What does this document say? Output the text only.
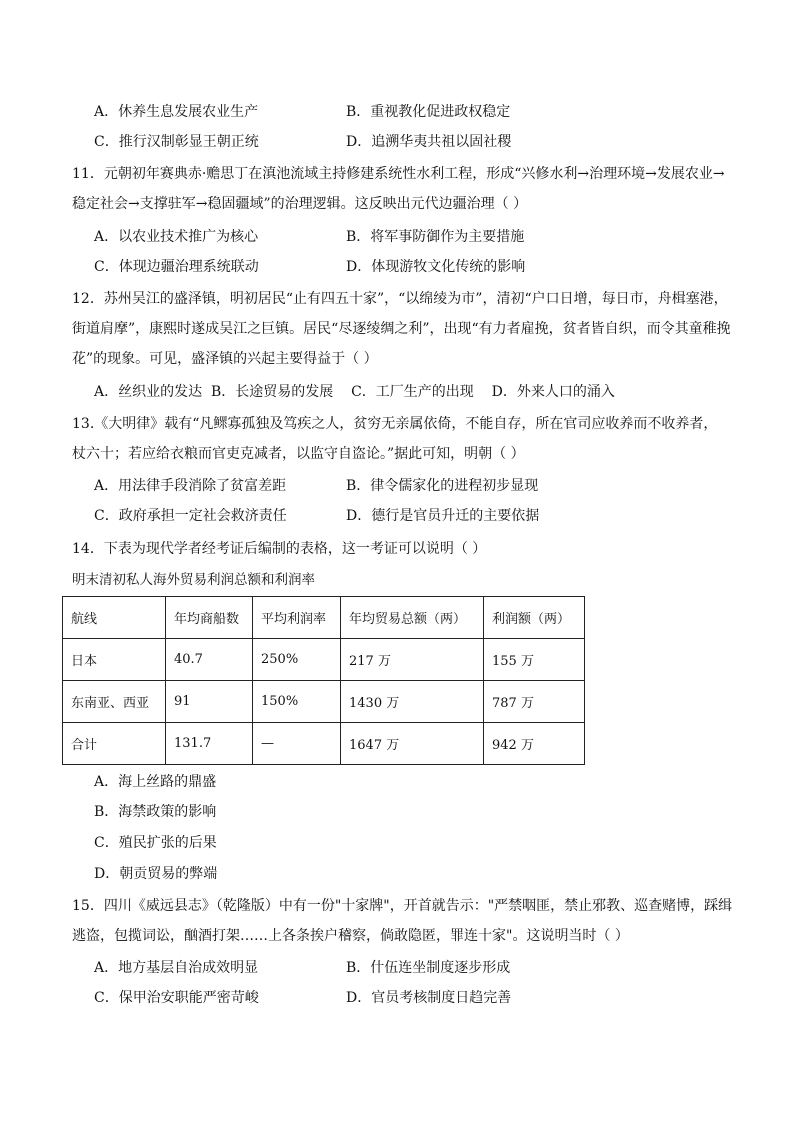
A．休养生息发展农业生产	B．重视教化促进政权稳定
C．推行汉制彰显王朝正统	D．追溯华夷共祖以固社稷
11．元朝初年赛典赤·赡思丁在滇池流域主持修建系统性水利工程，形成“兴修水利→治理环境→发展农业→
稳定社会→支撑驻军→稳固疆域”的治理逻辑。这反映出元代边疆治理（ ）
A．以农业技术推广为核心	B．将军事防御作为主要措施
C．体现边疆治理系统联动	D．体现游牧文化传统的影响
12．苏州吴江的盛泽镇，明初居民“止有四五十家”，“以绵绫为市”，清初“户口日增，每日市，舟楫塞港，
街道肩摩”，康熙时遂成吴江之巨镇。居民“尽逐绫绸之利”，出现“有力者雇挽，贫者皆自织，而令其童稚挽
花”的现象。可见，盛泽镇的兴起主要得益于（ ）
A．丝织业的发达  B．长途贸易的发展    C．工厂生产的出现    D．外来人口的涌入
13.《大明律》载有“凡鳏寡孤独及笃疾之人，贫穷无亲属依倚，不能自存，所在官司应收养而不收养者，
杖六十；若应给衣粮而官吏克减者，以监守自盗论。”据此可知，明朝（ ）
A．用法律手段消除了贫富差距	B．律令儒家化的进程初步显现
C．政府承担一定社会救济责任	D．德行是官员升迁的主要依据
14．下表为现代学者经考证后编制的表格，这一考证可以说明（ ）
明末清初私人海外贸易利润总额和利润率
航线	年均商船数	平均利润率	年均贸易总额（两）	利润额（两）
日本	40.7	250%	217 万	155 万
东南亚、西亚	91	150%	1430 万	787 万
合计	131.7	—	1647 万	942 万
A．海上丝路的鼎盛
B．海禁政策的影响
C．殖民扩张的后果
D．朝贡贸易的弊端
15．四川《威远县志》（乾隆版）中有一份"十家牌"，开首就告示："严禁咽匪，禁止邪教、巡查赌博，踩缉
逃盗，包揽词讼，酗酒打架……上各条挨户稽察，倘敢隐匿，罪连十家"。这说明当时（ ）
A．地方基层自治成效明显	B．什伍连坐制度逐步形成
C．保甲治安职能严密苛峻	D．官员考核制度日趋完善
